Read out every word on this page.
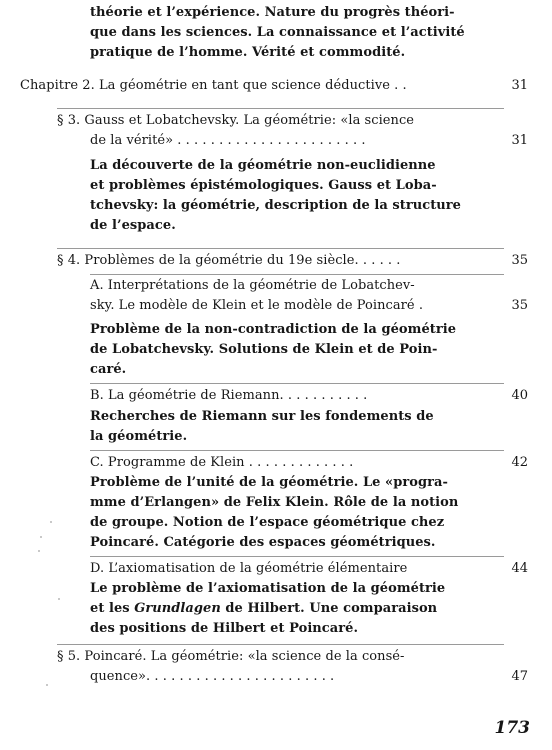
théorie et l’expérience. Nature du progrès théori-
que dans les sciences. La connaissance et l’activité
pratique de l’homme. Vérité et commodité.
Chapitre 2. La géométrie en tant que science déductive . .	31
§ 3. Gauss et Lobatchevsky. La géométrie: «la science
de la vérité» . . . . . . . . . . . . . . . . . . . . . . .	31
La découverte de la géométrie non-euclidienne
et problèmes épistémologiques. Gauss et Loba-
tchevsky: la géométrie, description de la structure
de l’espace.
§ 4. Problèmes de la géométrie du 19e siècle. . . . . .	35
A. Interprétations de la géométrie de Lobatchev-
sky. Le modèle de Klein et le modèle de Poincaré .	35
Problème de la non-contradiction de la géométrie
de Lobatchevsky. Solutions de Klein et de Poin-
caré.
B. La géométrie de Riemann. . . . . . . . . . .	40
Recherches de Riemann sur les fondements de
la géométrie.
C. Programme de Klein . . . . . . . . . . . . .	42
Problème de l’unité de la géométrie. Le «progra-
mme d’Erlangen» de Felix Klein. Rôle de la notion
de groupe. Notion de l’espace géométrique chez
Poincaré. Catégorie des espaces géométriques.
D. L’axiomatisation de la géométrie élémentaire	44
Le problème de l’axiomatisation de la géométrie
et les Grundlagen de Hilbert. Une comparaison
des positions de Hilbert et Poincaré.
§ 5. Poincaré. La géométrie: «la science de la consé-
quence». . . . . . . . . . . . . . . . . . . . . . .	47
173
